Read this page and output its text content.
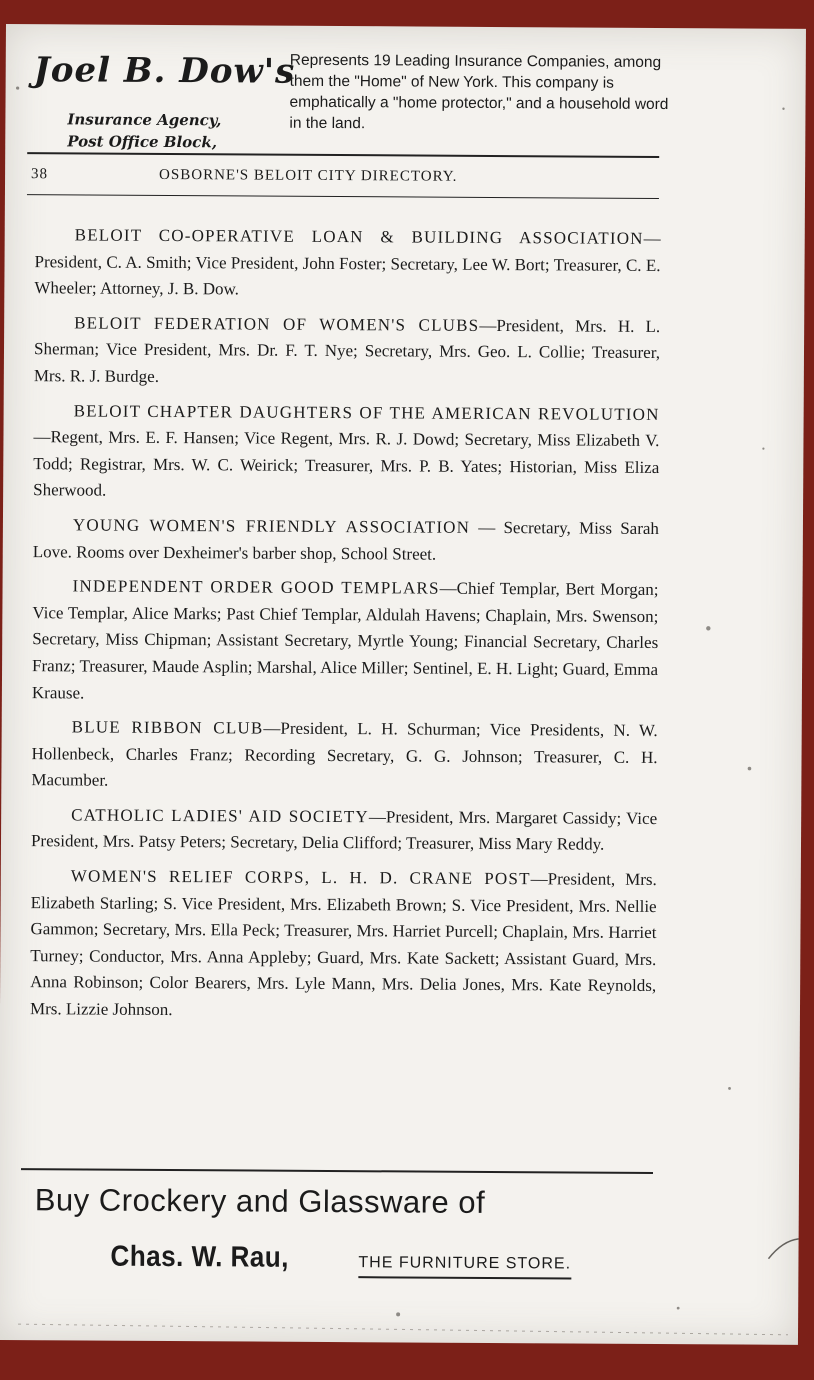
Joel B. Dow's
Insurance Agency,
Post Office Block,
Represents 19 Leading Insurance Companies, among them the "Home" of New York. This company is emphatically a "home protector," and a household word in the land.
38	OSBORNE'S BELOIT CITY DIRECTORY.

BELOIT CO-OPERATIVE LOAN & BUILDING ASSOCIATION—President, C. A. Smith; Vice President, John Foster; Secretary, Lee W. Bort; Treasurer, C. E. Wheeler; Attorney, J. B. Dow.

BELOIT FEDERATION OF WOMEN'S CLUBS—President, Mrs. H. L. Sherman; Vice President, Mrs. Dr. F. T. Nye; Secretary, Mrs. Geo. L. Collie; Treasurer, Mrs. R. J. Burdge.

BELOIT CHAPTER DAUGHTERS OF THE AMERICAN REVOLUTION—Regent, Mrs. E. F. Hansen; Vice Regent, Mrs. R. J. Dowd; Secretary, Miss Elizabeth V. Todd; Registrar, Mrs. W. C. Weirick; Treasurer, Mrs. P. B. Yates; Historian, Miss Eliza Sherwood.

YOUNG WOMEN'S FRIENDLY ASSOCIATION — Secretary, Miss Sarah Love. Rooms over Dexheimer's barber shop, School Street.

INDEPENDENT ORDER GOOD TEMPLARS—Chief Templar, Bert Morgan; Vice Templar, Alice Marks; Past Chief Templar, Aldulah Havens; Chaplain, Mrs. Swenson; Secretary, Miss Chipman; Assistant Secretary, Myrtle Young; Financial Secretary, Charles Franz; Treasurer, Maude Asplin; Marshal, Alice Miller; Sentinel, E. H. Light; Guard, Emma Krause.

BLUE RIBBON CLUB—President, L. H. Schurman; Vice Presidents, N. W. Hollenbeck, Charles Franz; Recording Secretary, G. G. Johnson; Treasurer, C. H. Macumber.

CATHOLIC LADIES' AID SOCIETY—President, Mrs. Margaret Cassidy; Vice President, Mrs. Patsy Peters; Secretary, Delia Clifford; Treasurer, Miss Mary Reddy.

WOMEN'S RELIEF CORPS, L. H. D. CRANE POST—President, Mrs. Elizabeth Starling; S. Vice President, Mrs. Elizabeth Brown; S. Vice President, Mrs. Nellie Gammon; Secretary, Mrs. Ella Peck; Treasurer, Mrs. Harriet Purcell; Chaplain, Mrs. Harriet Turney; Conductor, Mrs. Anna Appleby; Guard, Mrs. Kate Sackett; Assistant Guard, Mrs. Anna Robinson; Color Bearers, Mrs. Lyle Mann, Mrs. Delia Jones, Mrs. Kate Reynolds, Mrs. Lizzie Johnson.

Buy Crockery and Glassware of
Chas. W. Rau,	THE FURNITURE STORE.
